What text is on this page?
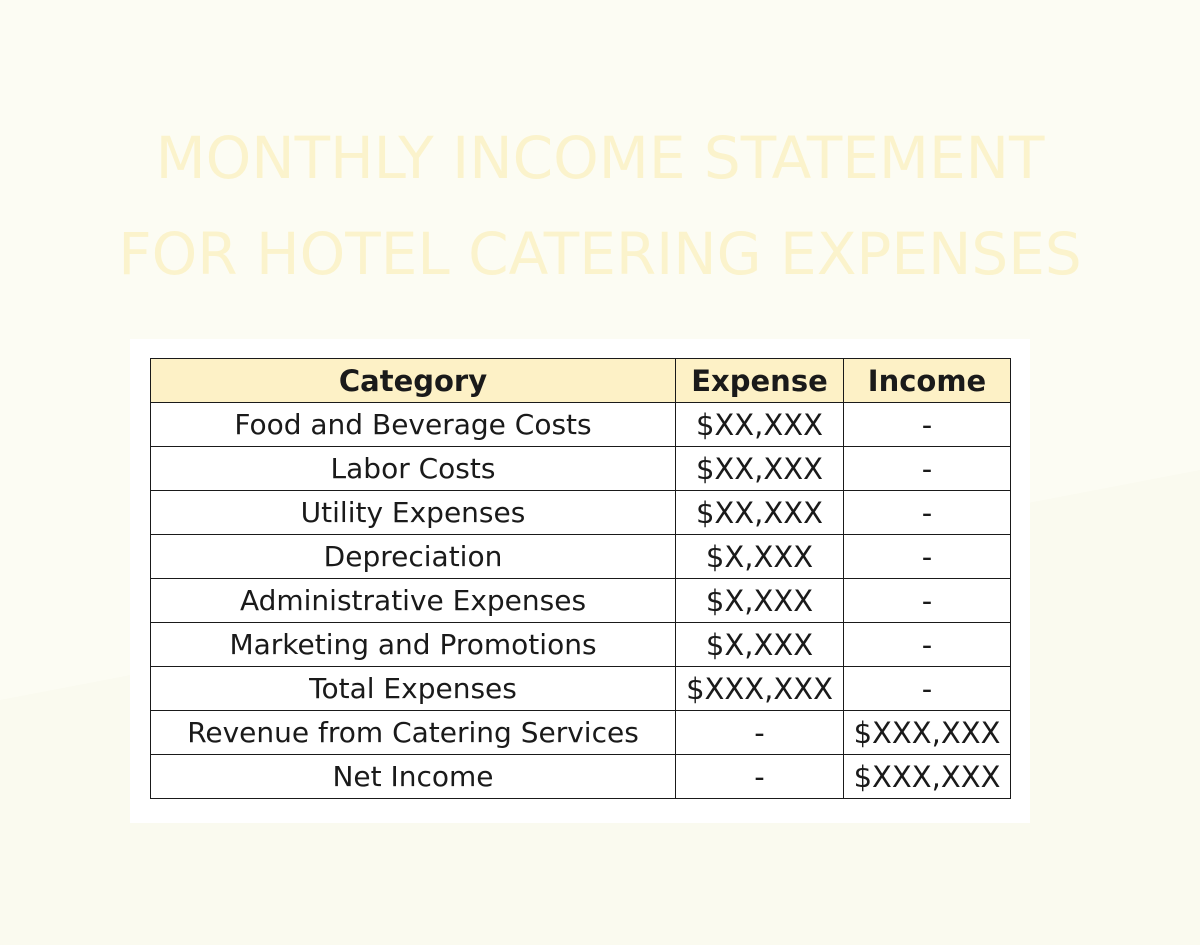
MONTHLY INCOME STATEMENT
FOR HOTEL CATERING EXPENSES
Category	Expense	Income
Food and Beverage Costs	$XX,XXX	-
Labor Costs	$XX,XXX	-
Utility Expenses	$XX,XXX	-
Depreciation	$X,XXX	-
Administrative Expenses	$X,XXX	-
Marketing and Promotions	$X,XXX	-
Total Expenses	$XXX,XXX	-
Revenue from Catering Services	-	$XXX,XXX
Net Income	-	$XXX,XXX
